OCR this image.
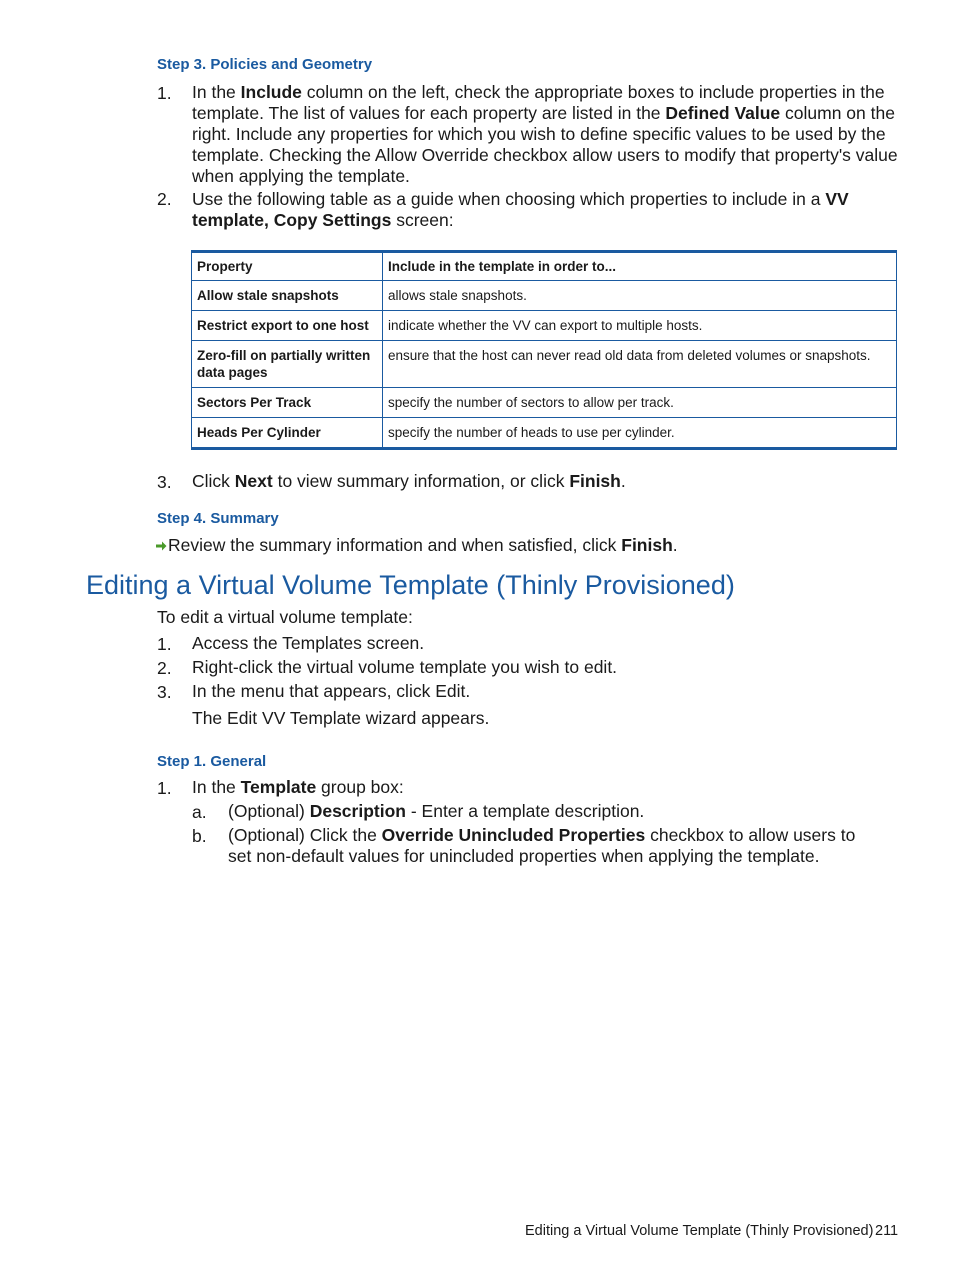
Step 3. Policies and Geometry
1. In the Include column on the left, check the appropriate boxes to include properties in the template. The list of values for each property are listed in the Defined Value column on the right. Include any properties for which you wish to define specific values to be used by the template. Checking the Allow Override checkbox allow users to modify that property's value when applying the template.
2. Use the following table as a guide when choosing which properties to include in a VV template, Copy Settings screen:
Property	Include in the template in order to...
Allow stale snapshots	allows stale snapshots.
Restrict export to one host	indicate whether the VV can export to multiple hosts.
Zero-fill on partially written data pages	ensure that the host can never read old data from deleted volumes or snapshots.
Sectors Per Track	specify the number of sectors to allow per track.
Heads Per Cylinder	specify the number of heads to use per cylinder.
3. Click Next to view summary information, or click Finish.
Step 4. Summary
Review the summary information and when satisfied, click Finish.
Editing a Virtual Volume Template (Thinly Provisioned)
To edit a virtual volume template:
1. Access the Templates screen.
2. Right-click the virtual volume template you wish to edit.
3. In the menu that appears, click Edit.
The Edit VV Template wizard appears.
Step 1. General
1. In the Template group box:
a. (Optional) Description - Enter a template description.
b. (Optional) Click the Override Unincluded Properties checkbox to allow users to set non-default values for unincluded properties when applying the template.
Editing a Virtual Volume Template (Thinly Provisioned) 211
